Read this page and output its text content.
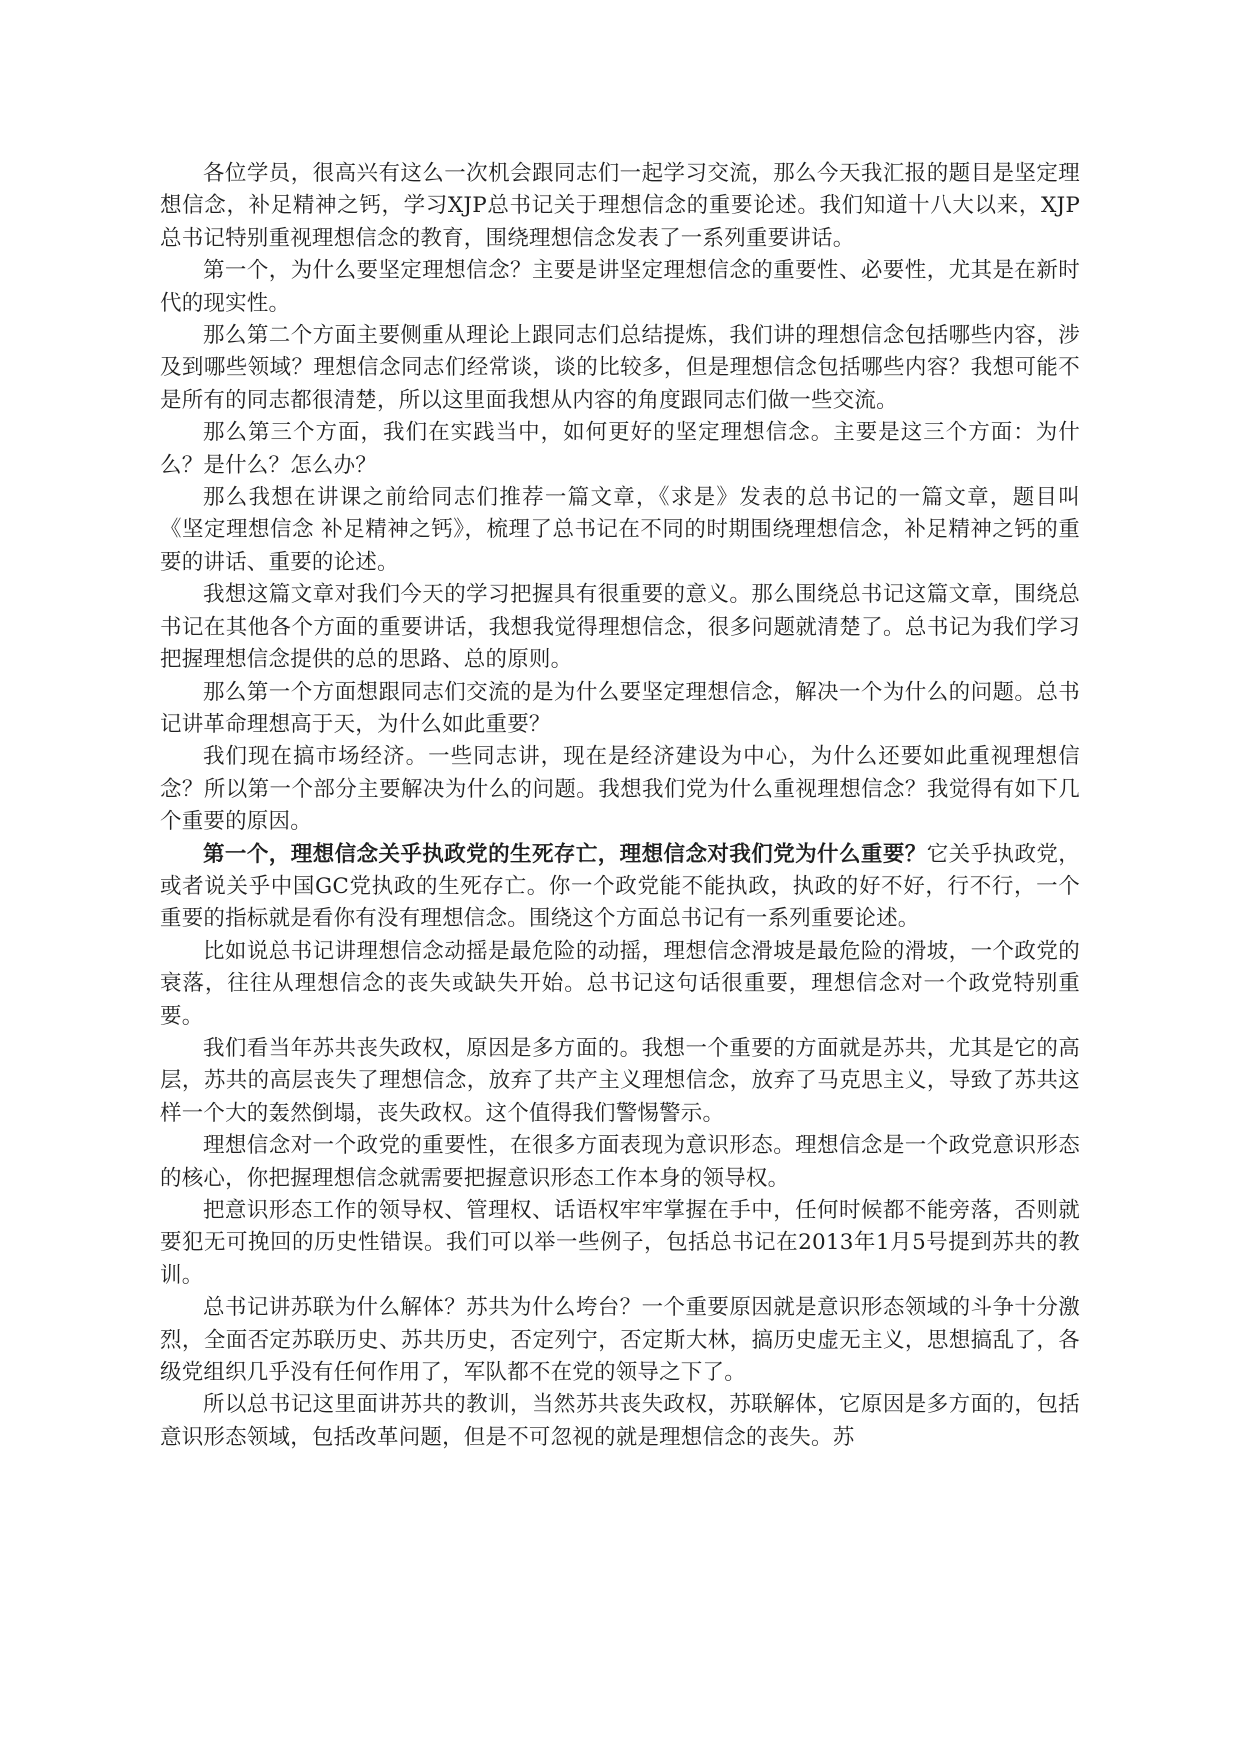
各位学员，很高兴有这么一次机会跟同志们一起学习交流，那么今天我汇报的题目是坚定理想信念，补足精神之钙，学习XJP总书记关于理想信念的重要论述。我们知道十八大以来，XJP总书记特别重视理想信念的教育，围绕理想信念发表了一系列重要讲话。

第一个，为什么要坚定理想信念？主要是讲坚定理想信念的重要性、必要性，尤其是在新时代的现实性。

那么第二个方面主要侧重从理论上跟同志们总结提炼，我们讲的理想信念包括哪些内容，涉及到哪些领域？理想信念同志们经常谈，谈的比较多，但是理想信念包括哪些内容？我想可能不是所有的同志都很清楚，所以这里面我想从内容的角度跟同志们做一些交流。

那么第三个方面，我们在实践当中，如何更好的坚定理想信念。主要是这三个方面：为什么？是什么？怎么办？

那么我想在讲课之前给同志们推荐一篇文章，《求是》发表的总书记的一篇文章，题目叫《坚定理想信念 补足精神之钙》，梳理了总书记在不同的时期围绕理想信念，补足精神之钙的重要的讲话、重要的论述。

我想这篇文章对我们今天的学习把握具有很重要的意义。那么围绕总书记这篇文章，围绕总书记在其他各个方面的重要讲话，我想我觉得理想信念，很多问题就清楚了。总书记为我们学习把握理想信念提供的总的思路、总的原则。

那么第一个方面想跟同志们交流的是为什么要坚定理想信念，解决一个为什么的问题。总书记讲革命理想高于天，为什么如此重要？

我们现在搞市场经济。一些同志讲，现在是经济建设为中心，为什么还要如此重视理想信念？所以第一个部分主要解决为什么的问题。我想我们党为什么重视理想信念？我觉得有如下几个重要的原因。

第一个，理想信念关乎执政党的生死存亡，理想信念对我们党为什么重要？它关乎执政党，或者说关乎中国GC党执政的生死存亡。你一个政党能不能执政，执政的好不好，行不行，一个重要的指标就是看你有没有理想信念。围绕这个方面总书记有一系列重要论述。

比如说总书记讲理想信念动摇是最危险的动摇，理想信念滑坡是最危险的滑坡，一个政党的衰落，往往从理想信念的丧失或缺失开始。总书记这句话很重要，理想信念对一个政党特别重要。

我们看当年苏共丧失政权，原因是多方面的。我想一个重要的方面就是苏共，尤其是它的高层，苏共的高层丧失了理想信念，放弃了共产主义理想信念，放弃了马克思主义，导致了苏共这样一个大的轰然倒塌，丧失政权。这个值得我们警惕警示。

理想信念对一个政党的重要性，在很多方面表现为意识形态。理想信念是一个政党意识形态的核心，你把握理想信念就需要把握意识形态工作本身的领导权。

把意识形态工作的领导权、管理权、话语权牢牢掌握在手中，任何时候都不能旁落，否则就要犯无可挽回的历史性错误。我们可以举一些例子，包括总书记在2013年1月5号提到苏共的教训。

总书记讲苏联为什么解体？苏共为什么垮台？一个重要原因就是意识形态领域的斗争十分激烈，全面否定苏联历史、苏共历史，否定列宁，否定斯大林，搞历史虚无主义，思想搞乱了，各级党组织几乎没有任何作用了，军队都不在党的领导之下了。

所以总书记这里面讲苏共的教训，当然苏共丧失政权，苏联解体，它原因是多方面的，包括意识形态领域，包括改革问题，但是不可忽视的就是理想信念的丧失。苏
